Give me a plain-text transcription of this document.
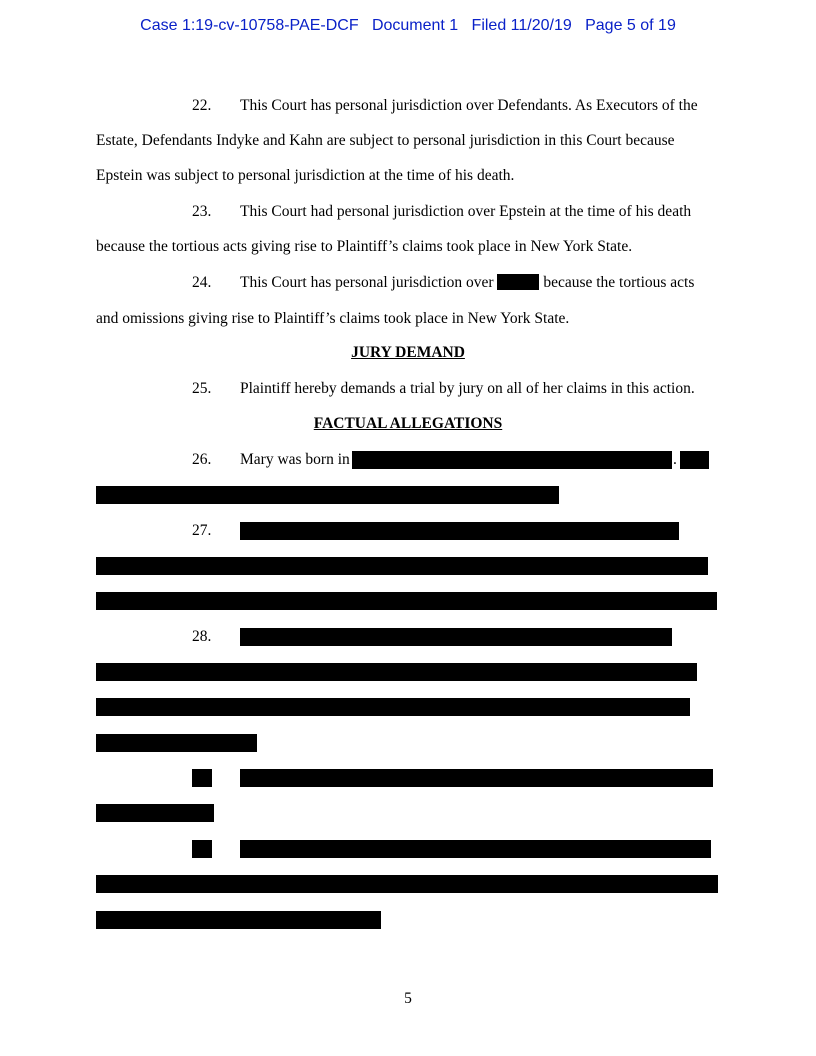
Case 1:19-cv-10758-PAE-DCF Document 1 Filed 11/20/19 Page 5 of 19
22. This Court has personal jurisdiction over Defendants. As Executors of the
Estate, Defendants Indyke and Kahn are subject to personal jurisdiction in this Court because
Epstein was subject to personal jurisdiction at the time of his death.
23. This Court had personal jurisdiction over Epstein at the time of his death
because the tortious acts giving rise to Plaintiff’s claims took place in New York State.
24. This Court has personal jurisdiction over	because the tortious acts
and omissions giving rise to Plaintiff’s claims took place in New York State.
JURY DEMAND
25. Plaintiff hereby demands a trial by jury on all of her claims in this action.
FACTUAL ALLEGATIONS
26. Mary was born in	.
27.
28.
5
